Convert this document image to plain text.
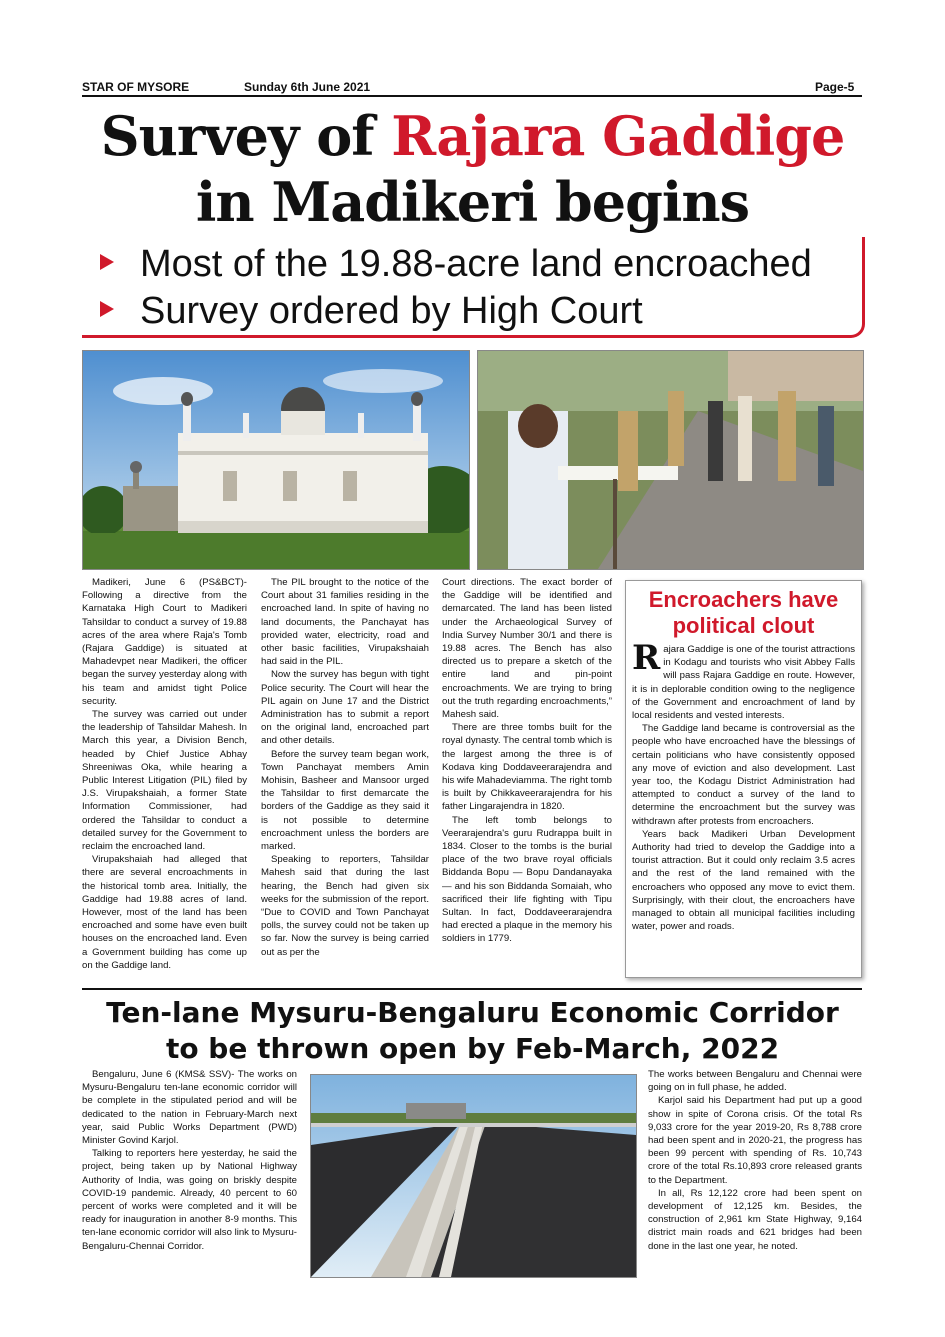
STAR OF MYSORE	Sunday 6th June 2021	Page-5
Survey of Rajara Gaddige
in Madikeri begins
Most of the 19.88-acre land encroached
Survey ordered by High Court

Madikeri, June 6 (PS&BCT)- Following a directive from the Karnataka High Court to Madikeri Tahsildar to conduct a survey of 19.88 acres of the area where Raja's Tomb (Rajara Gaddige) is situated at Mahadevpet near Madikeri, the officer began the survey yesterday along with his team and amidst tight Police security.

The survey was carried out under the leadership of Tahsildar Mahesh. In March this year, a Division Bench, headed by Chief Justice Abhay Shreeniwas Oka, while hearing a Public Interest Litigation (PIL) filed by J.S. Virupakshaiah, a former State Information Commissioner, had ordered the Tahsildar to conduct a detailed survey for the Government to reclaim the encroached land.

Virupakshaiah had alleged that there are several encroachments in the historical tomb area. Initially, the Gaddige had 19.88 acres of land. However, most of the land has been encroached and some have even built houses on the encroached land. Even a Government building has come up on the Gaddige land.

The PIL brought to the notice of the Court about 31 families residing in the encroached land. In spite of having no land documents, the Panchayat has provided water, electricity, road and other basic facilities, Virupakshaiah had said in the PIL.

Now the survey has begun with tight Police security. The Court will hear the PIL again on June 17 and the District Administration has to submit a report on the original land, encroached part and other details.

Before the survey team began work, Town Panchayat members Amin Mohisin, Basheer and Mansoor urged the Tahsildar to first demarcate the borders of the Gaddige as they said it is not possible to determine encroachment unless the borders are marked.

Speaking to reporters, Tahsildar Mahesh said that during the last hearing, the Bench had given six weeks for the submission of the report. “Due to COVID and Town Panchayat polls, the survey could not be taken up so far. Now the survey is being carried out as per the

Court directions. The exact border of the Gaddige will be identified and demarcated. The land has been listed under the Archaeological Survey of India Survey Number 30/1 and there is 19.88 acres. The Bench has also directed us to prepare a sketch of the entire land and pin-point encroachments. We are trying to bring out the truth regarding encroachments,” Mahesh said.

There are three tombs built for the royal dynasty. The central tomb which is the largest among the three is of Kodava king Doddaveerarajendra and his wife Mahadeviamma. The right tomb is built by Chikkaveerarajendra for his father Lingarajendra in 1820.

The left tomb belongs to Veerarajendra's guru Rudrappa built in 1834. Closer to the tombs is the burial place of the two brave royal officials Biddanda Bopu — Bopu Dandanayaka — and his son Biddanda Somaiah, who sacrificed their life fighting with Tipu Sultan. In fact, Doddaveerarajendra had erected a plaque in the memory his soldiers in 1779.

Encroachers have political clout

Rajara Gaddige is one of the tourist attractions in Kodagu and tourists who visit Abbey Falls will pass Rajara Gaddige en route. However, it is in deplorable condition owing to the negligence of the Government and encroachment of land by local residents and vested interests.

The Gaddige land became is controversial as the people who have encroached have the blessings of certain politicians who have consistently opposed any move of eviction and also development. Last year too, the Kodagu District Administration had attempted to conduct a survey of the land to determine the encroachment but the survey was withdrawn after protests from encroachers.

Years back Madikeri Urban Development Authority had tried to develop the Gaddige into a tourist attraction. But it could only reclaim 3.5 acres and the rest of the land remained with the encroachers who opposed any move to evict them. Surprisingly, with their clout, the encroachers have managed to obtain all municipal facilities including water, power and roads.

Ten-lane Mysuru-Bengaluru Economic Corridor
to be thrown open by Feb-March, 2022

Bengaluru, June 6 (KMS& SSV)- The works on Mysuru-Bengaluru ten-lane economic corridor will be complete in the stipulated period and will be dedicated to the nation in February-March next year, said Public Works Department (PWD) Minister Govind Karjol.

Talking to reporters here yesterday, he said the project, being taken up by National Highway Authority of India, was going on briskly despite COVID-19 pandemic. Already, 40 percent to 60 percent of works were completed and it will be ready for inauguration in another 8-9 months. This ten-lane economic corridor will also link to Mysuru-Bengaluru-Chennai Corridor.

The works between Bengaluru and Chennai were going on in full phase, he added.

Karjol said his Department had put up a good show in spite of Corona crisis. Of the total Rs 9,033 crore for the year 2019-20, Rs 8,788 crore had been spent and in 2020-21, the progress has been 99 percent with spending of Rs. 10,743 crore of the total Rs.10,893 crore released grants to the Department.

In all, Rs 12,122 crore had been spent on development of 12,125 km. Besides, the construction of 2,961 km State Highway, 9,164 district main roads and 621 bridges had been done in the last one year, he noted.
